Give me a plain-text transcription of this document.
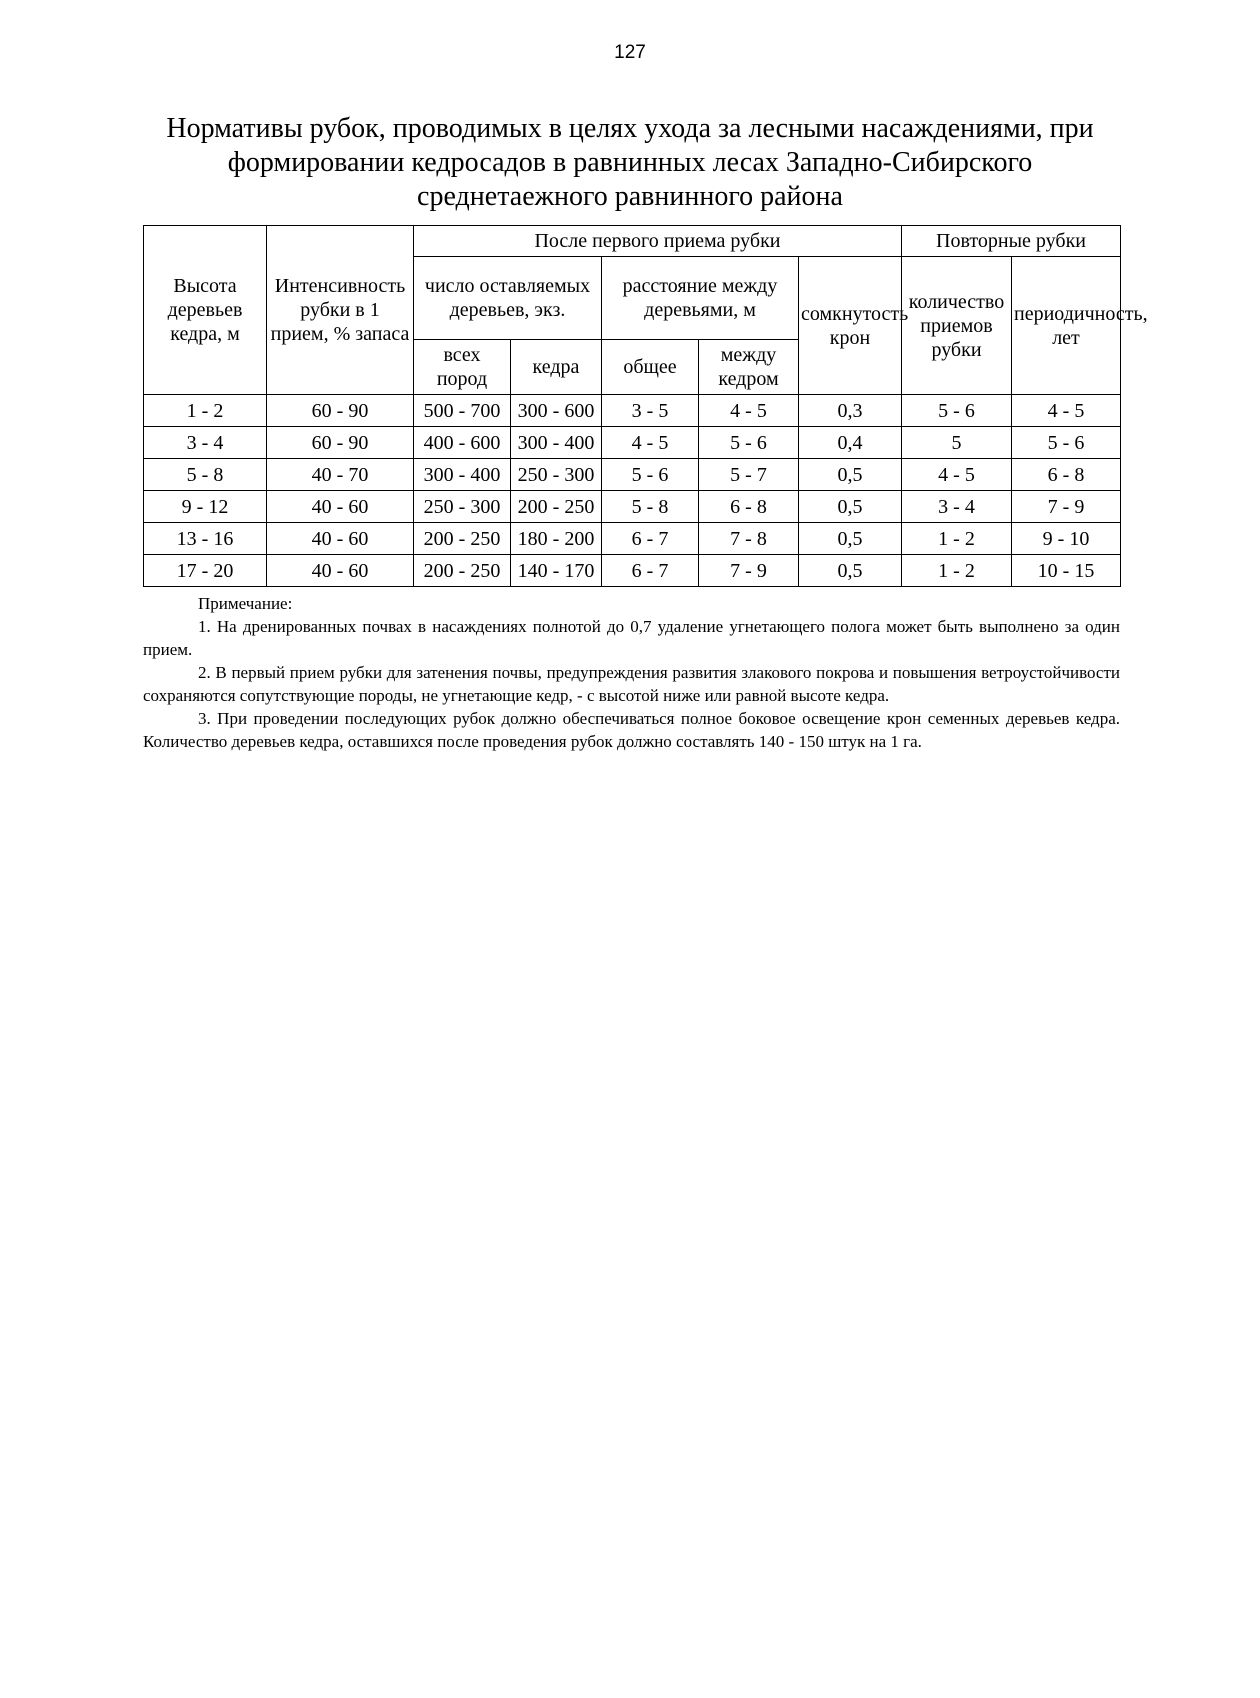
127
Нормативы рубок, проводимых в целях ухода за лесными насаждениями, при
формировании кедросадов в равнинных лесах Западно-Сибирского
среднетаежного равнинного района
Высота деревьев кедра, м	Интенсивность рубки в 1 прием, % запаса	После первого приема рубки					Повторные рубки	
		число оставляемых деревьев, экз.		расстояние между деревьями, м		сомкнутость крон	количество приемов рубки	периодичность, лет
		всех пород	кедра	общее	между кедром			
1 - 2	60 - 90	500 - 700	300 - 600	3 - 5	4 - 5	0,3	5 - 6	4 - 5
3 - 4	60 - 90	400 - 600	300 - 400	4 - 5	5 - 6	0,4	5	5 - 6
5 - 8	40 - 70	300 - 400	250 - 300	5 - 6	5 - 7	0,5	4 - 5	6 - 8
9 - 12	40 - 60	250 - 300	200 - 250	5 - 8	6 - 8	0,5	3 - 4	7 - 9
13 - 16	40 - 60	200 - 250	180 - 200	6 - 7	7 - 8	0,5	1 - 2	9 - 10
17 - 20	40 - 60	200 - 250	140 - 170	6 - 7	7 - 9	0,5	1 - 2	10 - 15

Примечание:

1. На дренированных почвах в насаждениях полнотой до 0,7 удаление угнетающего полога может быть выполнено за один прием.

2. В первый прием рубки для затенения почвы, предупреждения развития злакового покрова и повышения ветроустойчивости сохраняются сопутствующие породы, не угнетающие кедр, - с высотой ниже или равной высоте кедра.

3. При проведении последующих рубок должно обеспечиваться полное боковое освещение крон семенных деревьев кедра. Количество деревьев кедра, оставшихся после проведения рубок должно составлять 140 - 150 штук на 1 га.
